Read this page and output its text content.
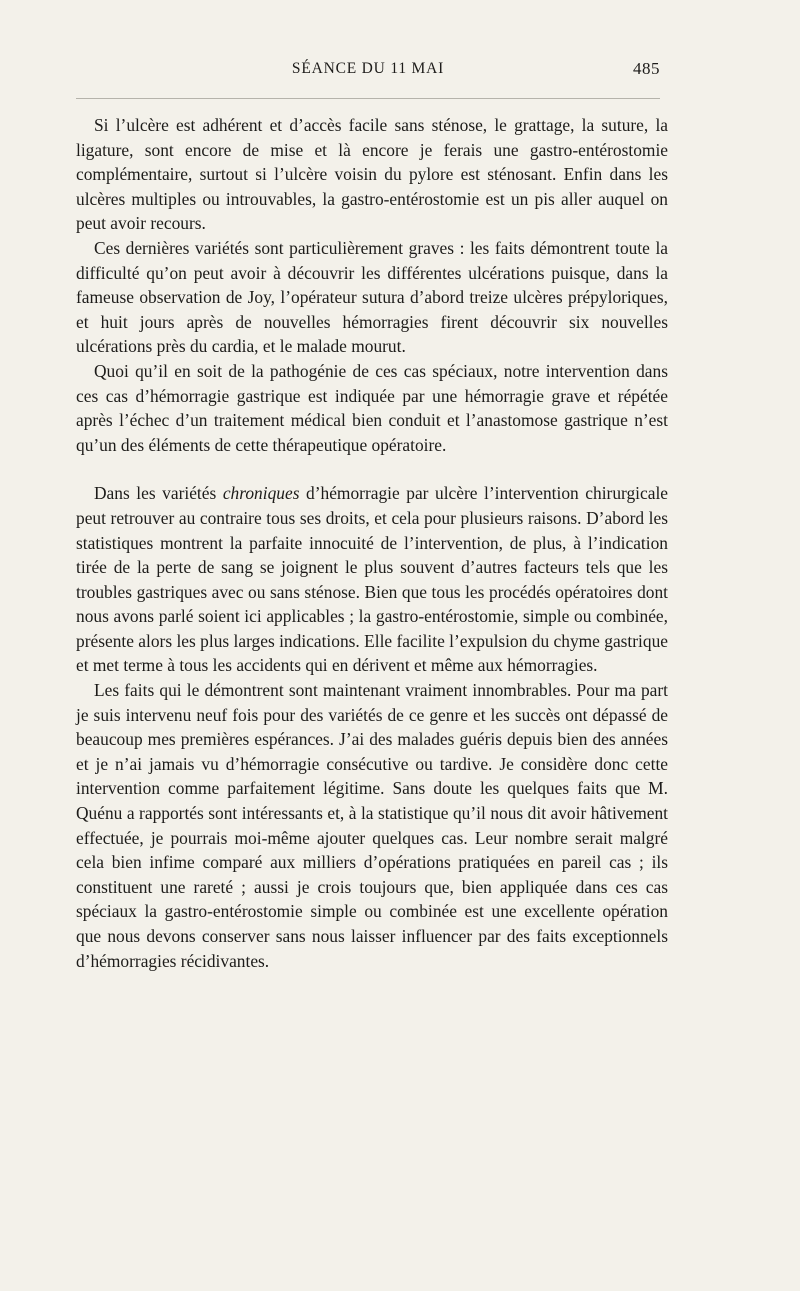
SÉANCE DU 11 MAI	485

Si l’ulcère est adhérent et d’accès facile sans sténose, le grattage, la suture, la ligature, sont encore de mise et là encore je ferais une gastro-entérostomie complémentaire, surtout si l’ulcère voisin du pylore est sténosant. Enfin dans les ulcères multiples ou introuvables, la gastro-entérostomie est un pis aller auquel on peut avoir recours.

Ces dernières variétés sont particulièrement graves : les faits démontrent toute la difficulté qu’on peut avoir à découvrir les différentes ulcérations puisque, dans la fameuse observation de Joy, l’opérateur sutura d’abord treize ulcères prépyloriques, et huit jours après de nouvelles hémorragies firent découvrir six nouvelles ulcérations près du cardia, et le malade mourut.

Quoi qu’il en soit de la pathogénie de ces cas spéciaux, notre intervention dans ces cas d’hémorragie gastrique est indiquée par une hémorragie grave et répétée après l’échec d’un traitement médical bien conduit et l’anastomose gastrique n’est qu’un des éléments de cette thérapeutique opératoire.

Dans les variétés chroniques d’hémorragie par ulcère l’intervention chirurgicale peut retrouver au contraire tous ses droits, et cela pour plusieurs raisons. D’abord les statistiques montrent la parfaite innocuité de l’intervention, de plus, à l’indication tirée de la perte de sang se joignent le plus souvent d’autres facteurs tels que les troubles gastriques avec ou sans sténose. Bien que tous les procédés opératoires dont nous avons parlé soient ici applicables ; la gastro-entérostomie, simple ou combinée, présente alors les plus larges indications. Elle facilite l’expulsion du chyme gastrique et met terme à tous les accidents qui en dérivent et même aux hémorragies.

Les faits qui le démontrent sont maintenant vraiment innombrables. Pour ma part je suis intervenu neuf fois pour des variétés de ce genre et les succès ont dépassé de beaucoup mes premières espérances. J’ai des malades guéris depuis bien des années et je n’ai jamais vu d’hémorragie consécutive ou tardive. Je considère donc cette intervention comme parfaitement légitime. Sans doute les quelques faits que M. Quénu a rapportés sont intéressants et, à la statistique qu’il nous dit avoir hâtivement effectuée, je pourrais moi-même ajouter quelques cas. Leur nombre serait malgré cela bien infime comparé aux milliers d’opérations pratiquées en pareil cas ; ils constituent une rareté ; aussi je crois toujours que, bien appliquée dans ces cas spéciaux la gastro-entérostomie simple ou combinée est une excellente opération que nous devons conserver sans nous laisser influencer par des faits exceptionnels d’hémorragies récidivantes.
